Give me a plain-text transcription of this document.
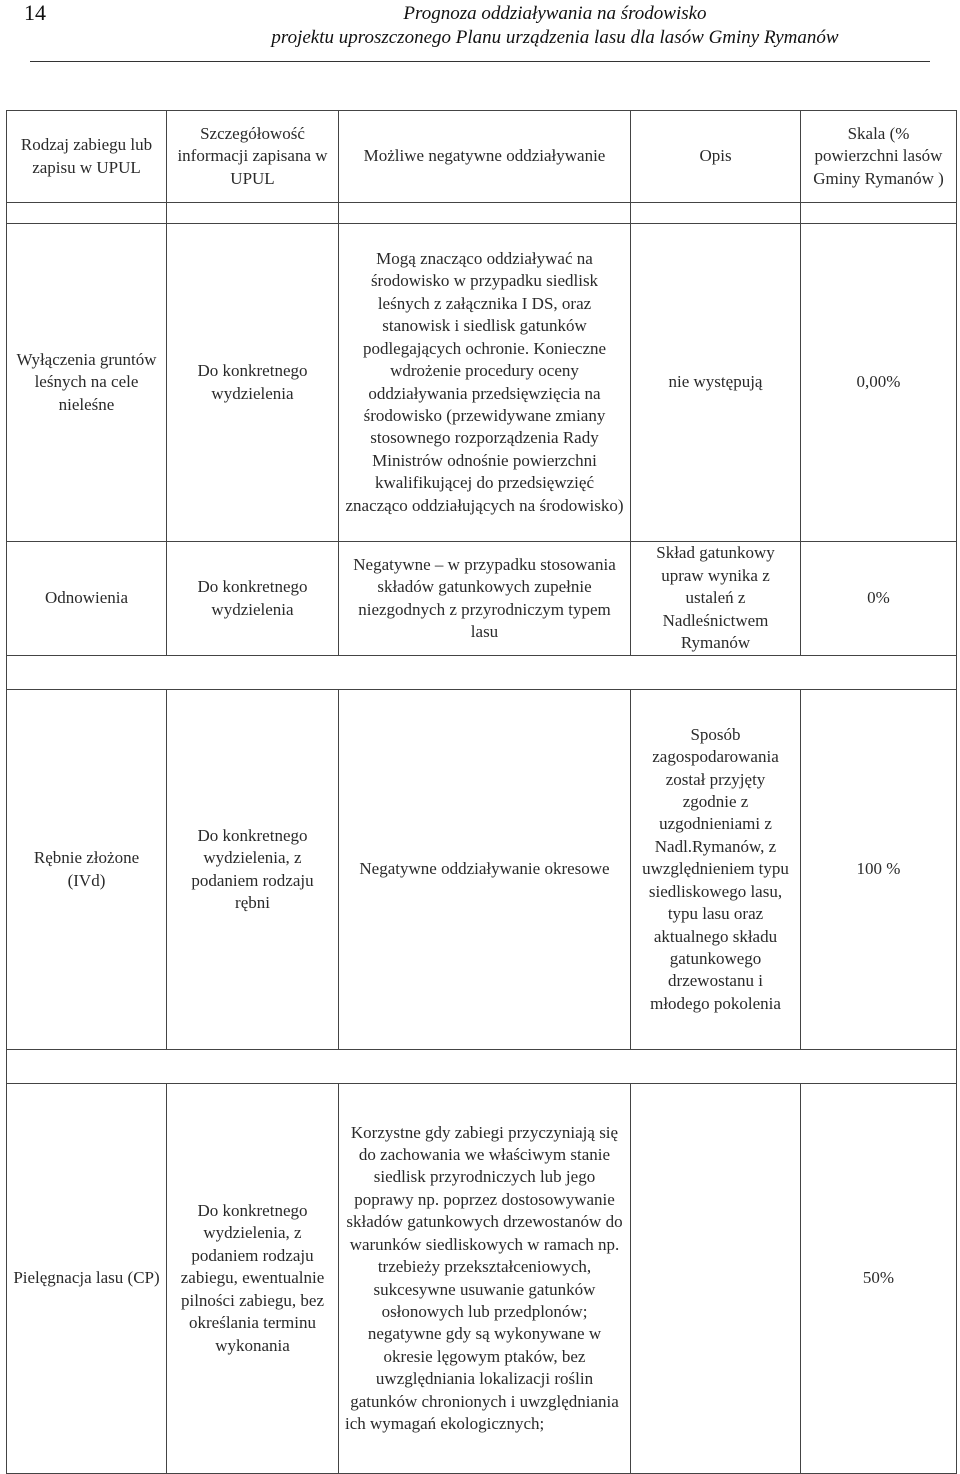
14	Prognoza oddziaływania na środowisko
projektu uproszczonego Planu urządzenia lasu dla lasów Gminy Rymanów
Rodzaj zabiegu lub zapisu w UPUL	Szczegółowość informacji zapisana w UPUL	Możliwe negatywne oddziaływanie	Opis	Skala (% powierzchni lasów Gminy Rymanów )

Wyłączenia gruntów leśnych na cele nieleśne	Do konkretnego wydzielenia	Mogą znacząco oddziaływać na środowisko w przypadku siedlisk leśnych z załącznika I DS, oraz stanowisk i siedlisk gatunków podlegających ochronie. Konieczne wdrożenie procedury oceny oddziaływania przedsięwzięcia na środowisko (przewidywane zmiany stosownego rozporządzenia Rady Ministrów odnośnie powierzchni kwalifikującej do przedsięwzięć znacząco oddziałujących na środowisko)	nie występują	0,00%
Odnowienia	Do konkretnego wydzielenia	Negatywne – w przypadku stosowania składów gatunkowych zupełnie niezgodnych z przyrodniczym typem lasu	Skład gatunkowy upraw wynika z ustaleń z Nadleśnictwem Rymanów	0%

Rębnie złożone (IVd)	Do konkretnego wydzielenia, z podaniem rodzaju rębni	Negatywne oddziaływanie okresowe	Sposób zagospodarowania został przyjęty zgodnie z uzgodnieniami z Nadl.Rymanów, z uwzględnieniem typu siedliskowego lasu, typu lasu oraz aktualnego składu gatunkowego drzewostanu i młodego pokolenia	100 %

Pielęgnacja lasu (CP)	Do konkretnego wydzielenia, z podaniem rodzaju zabiegu, ewentualnie pilności zabiegu, bez określania terminu wykonania	Korzystne gdy zabiegi przyczyniają się do zachowania we właściwym stanie siedlisk przyrodniczych lub jego poprawy np. poprzez dostosowywanie składów gatunkowych drzewostanów do warunków siedliskowych w ramach np. trzebieży przekształceniowych, sukcesywne usuwanie gatunków osłonowych lub przedplonów; negatywne gdy są wykonywane w okresie lęgowym ptaków, bez uwzględniania lokalizacji roślin gatunków chronionych i uwzględniania ich wymagań ekologicznych;		50%
